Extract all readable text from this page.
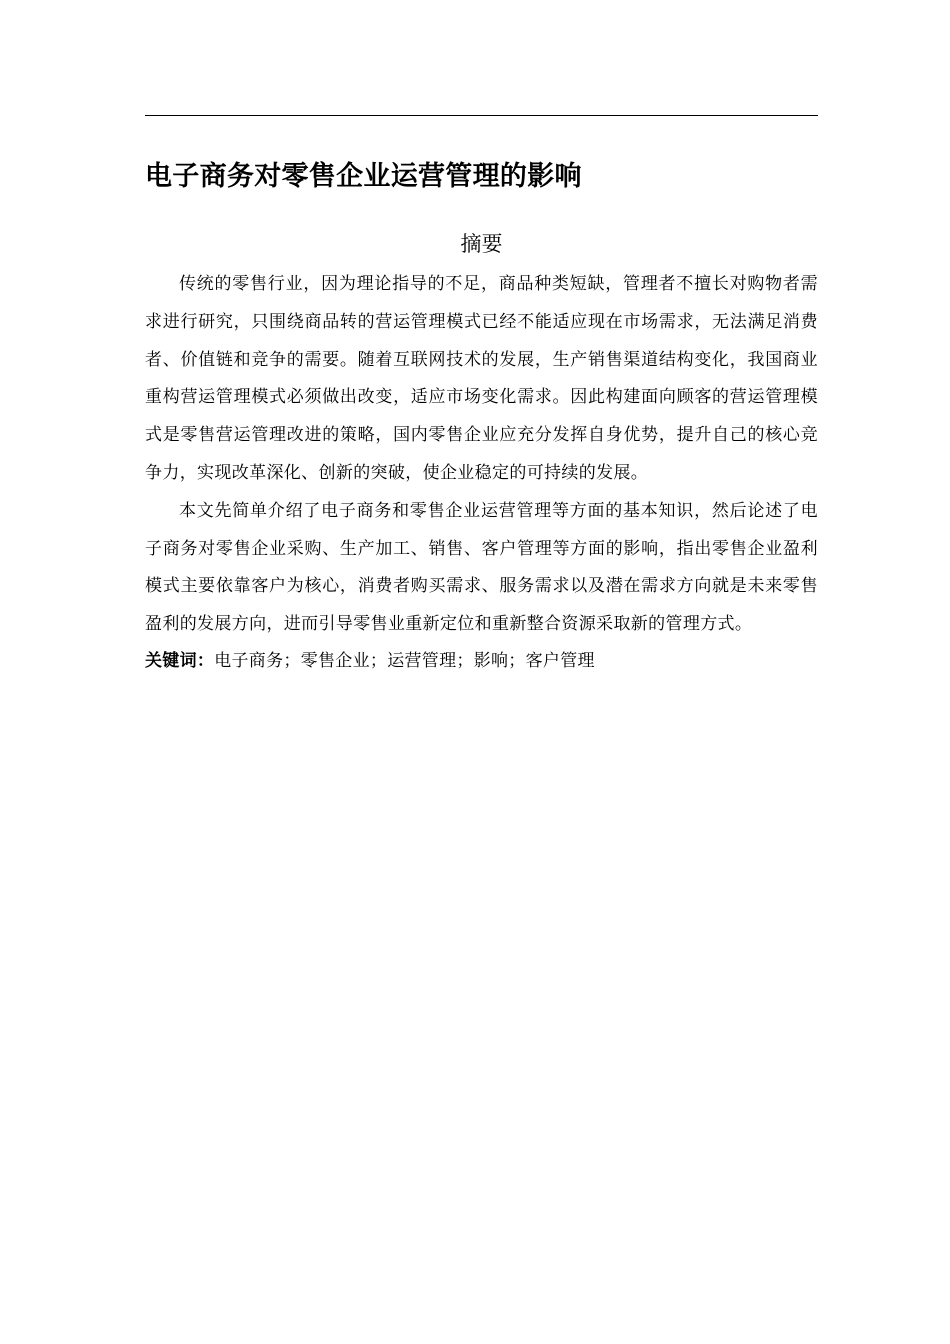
电子商务对零售企业运营管理的影响
摘要

传统的零售行业，因为理论指导的不足，商品种类短缺，管理者不擅长对购物者需求进行研究，只围绕商品转的营运管理模式已经不能适应现在市场需求，无法满足消费者、价值链和竞争的需要。随着互联网技术的发展，生产销售渠道结构变化，我国商业重构营运管理模式必须做出改变，适应市场变化需求。因此构建面向顾客的营运管理模式是零售营运管理改进的策略，国内零售企业应充分发挥自身优势，提升自己的核心竞争力，实现改革深化、创新的突破，使企业稳定的可持续的发展。

本文先简单介绍了电子商务和零售企业运营管理等方面的基本知识，然后论述了电子商务对零售企业采购、生产加工、销售、客户管理等方面的影响，指出零售企业盈利模式主要依靠客户为核心，消费者购买需求、服务需求以及潜在需求方向就是未来零售盈利的发展方向，进而引导零售业重新定位和重新整合资源采取新的管理方式。

关键词：电子商务；零售企业；运营管理；影响；客户管理
